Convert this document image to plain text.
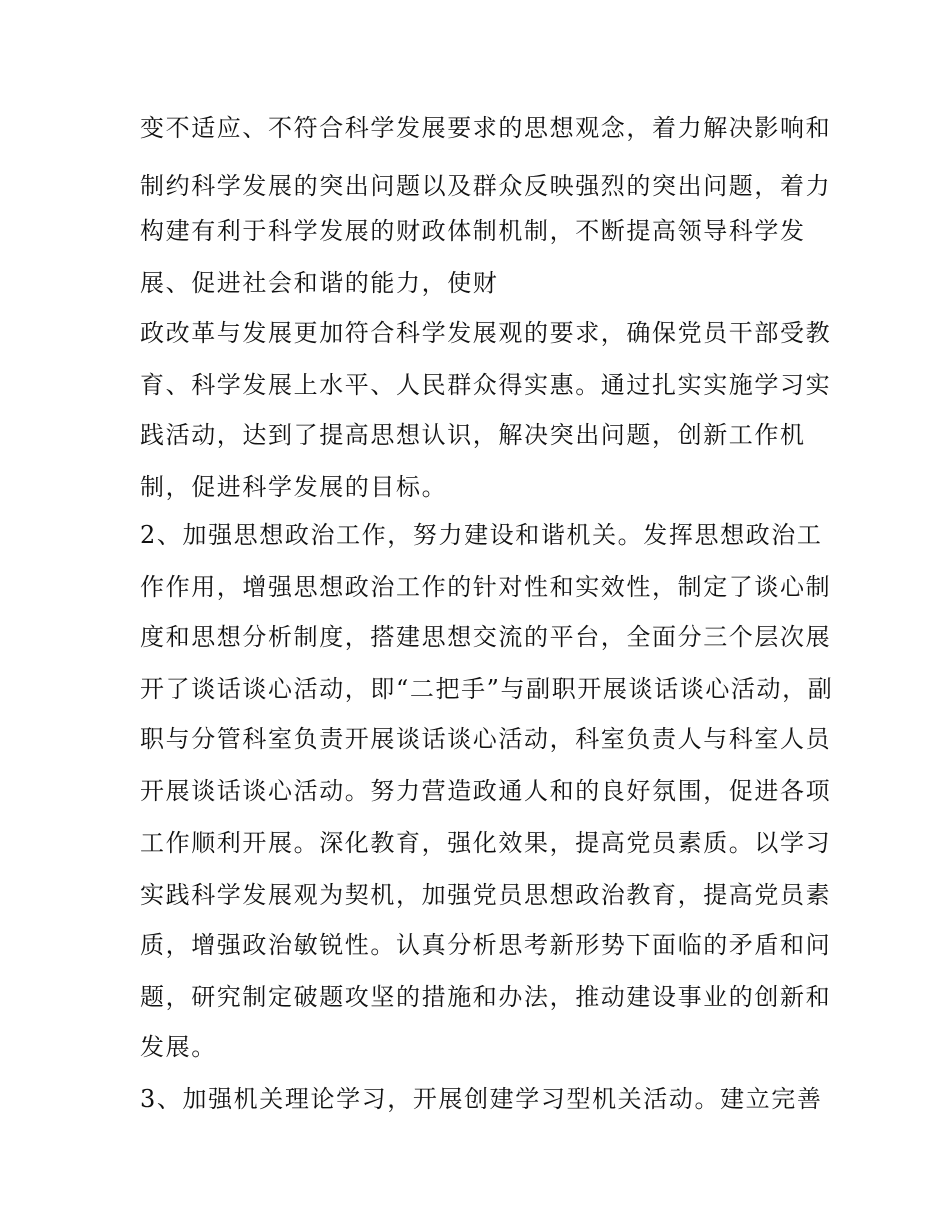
变不适应、不符合科学发展要求的思想观念，着力解决影响和
制约科学发展的突出问题以及群众反映强烈的突出问题，着力
构建有利于科学发展的财政体制机制，不断提高领导科学发
展、促进社会和谐的能力，使财
政改革与发展更加符合科学发展观的要求，确保党员干部受教
育、科学发展上水平、人民群众得实惠。通过扎实实施学习实
践活动，达到了提高思想认识，解决突出问题，创新工作机
制，促进科学发展的目标。
2、加强思想政治工作，努力建设和谐机关。发挥思想政治工
作作用，增强思想政治工作的针对性和实效性，制定了谈心制
度和思想分析制度，搭建思想交流的平台，全面分三个层次展
开了谈话谈心活动，即“二把手”与副职开展谈话谈心活动，副
职与分管科室负责开展谈话谈心活动，科室负责人与科室人员
开展谈话谈心活动。努力营造政通人和的良好氛围，促进各项
工作顺利开展。深化教育，强化效果，提高党员素质。以学习
实践科学发展观为契机，加强党员思想政治教育，提高党员素
质，增强政治敏锐性。认真分析思考新形势下面临的矛盾和问
题，研究制定破题攻坚的措施和办法，推动建设事业的创新和
发展。
3、加强机关理论学习，开展创建学习型机关活动。建立完善
